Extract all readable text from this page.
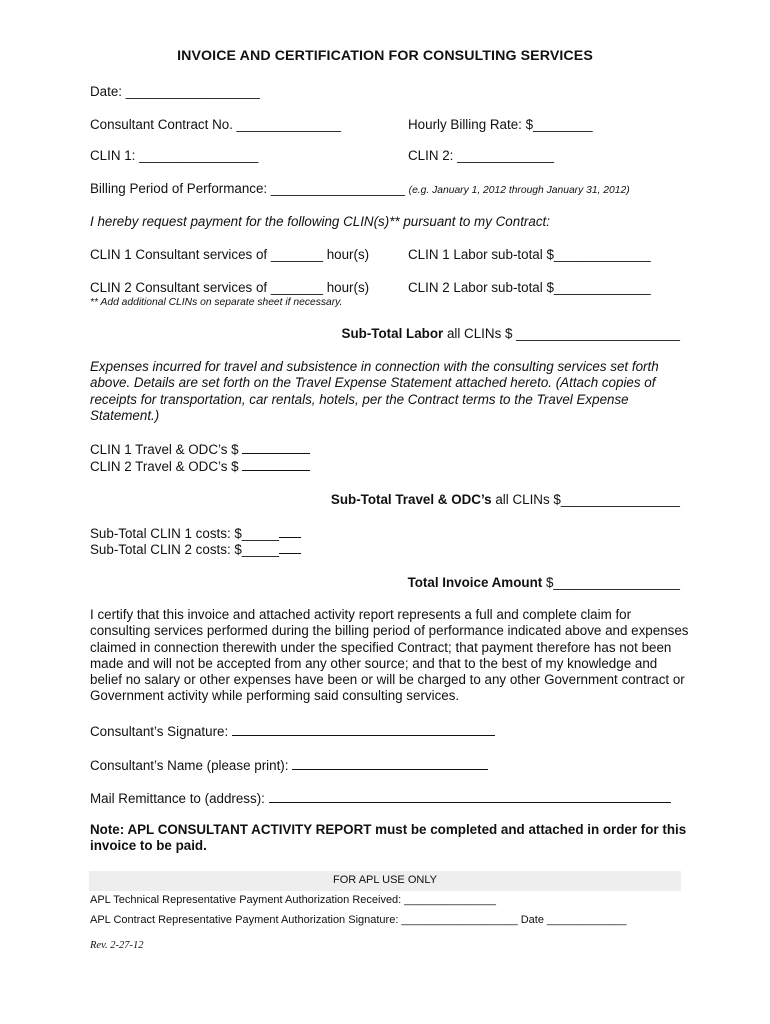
INVOICE AND CERTIFICATION FOR CONSULTING SERVICES
Date: __________________
Consultant Contract No. ______________	Hourly Billing Rate: $________
CLIN 1: ________________	CLIN 2: _____________
Billing Period of Performance: __________________ (e.g. January 1, 2012 through January 31, 2012)
I hereby request payment for the following CLIN(s)** pursuant to my Contract:
CLIN 1 Consultant services of _______ hour(s)	CLIN 1 Labor sub-total $_____________
CLIN 2 Consultant services of _______ hour(s)	CLIN 2 Labor sub-total $_____________
** Add additional CLINs on separate sheet if necessary.
Sub-Total Labor all CLINs $ ______________________
Expenses incurred for travel and subsistence in connection with the consulting services set forth above. Details are set forth on the Travel Expense Statement attached hereto. (Attach copies of receipts for transportation, car rentals, hotels, per the Contract terms to the Travel Expense Statement.)
CLIN 1 Travel & ODC’s $
CLIN 2 Travel & ODC’s $
Sub-Total Travel & ODC’s all CLINs $________________
Sub-Total CLIN 1 costs: $_____
Sub-Total CLIN 2 costs: $_____
Total Invoice Amount $_________________
I certify that this invoice and attached activity report represents a full and complete claim for consulting services performed during the billing period of performance indicated above and expenses claimed in connection therewith under the specified Contract; that payment therefore has not been made and will not be accepted from any other source; and that to the best of my knowledge and belief no salary or other expenses have been or will be charged to any other Government contract or Government activity while performing said consulting services.
Consultant’s Signature:
Consultant’s Name (please print):
Mail Remittance to (address):
Note: APL CONSULTANT ACTIVITY REPORT must be completed and attached in order for this invoice to be paid.
FOR APL USE ONLY
APL Technical Representative Payment Authorization Received: _______________
APL Contract Representative Payment Authorization Signature: ___________________ Date _____________
Rev. 2-27-12
